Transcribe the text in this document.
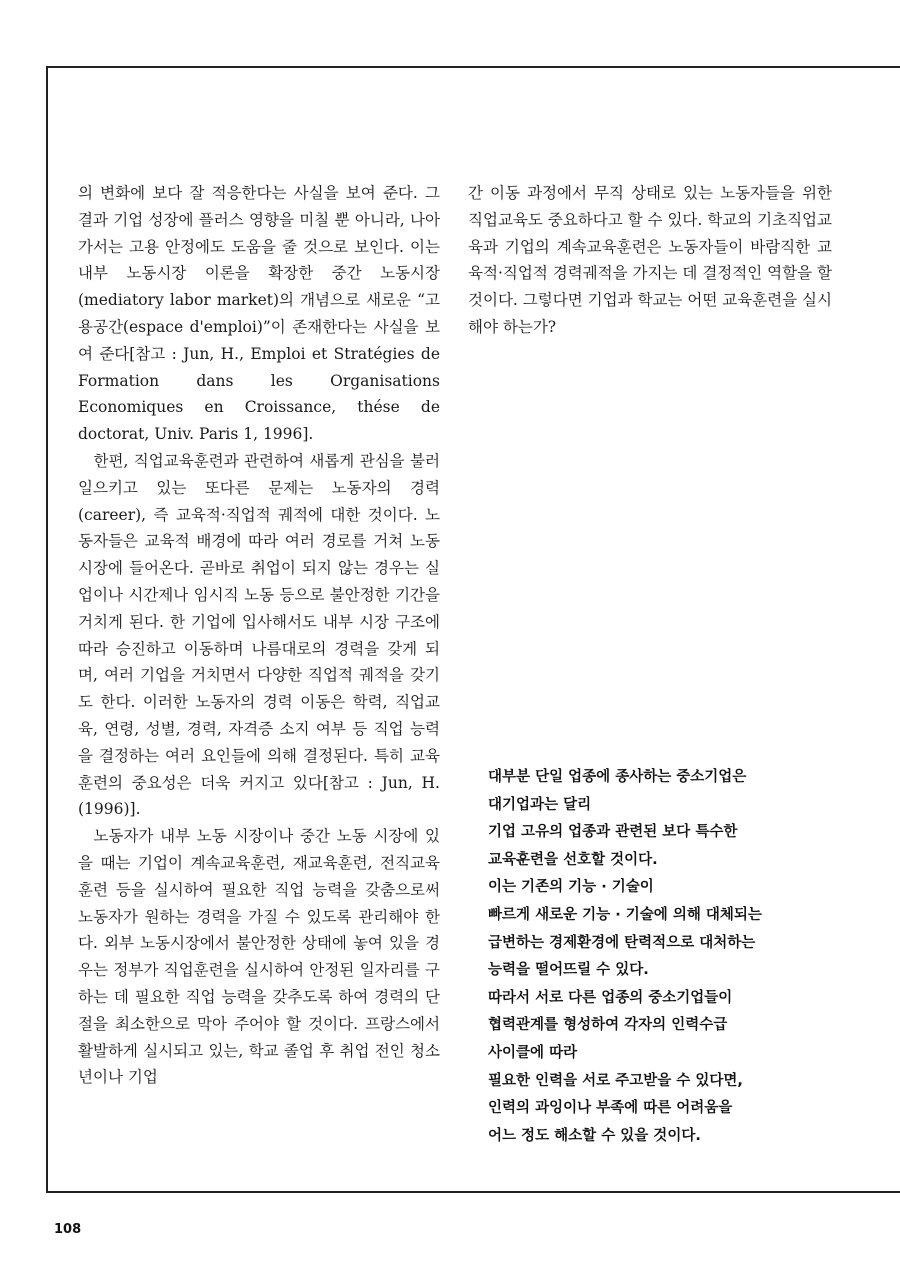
의 변화에 보다 잘 적응한다는 사실을 보여 준다. 그 결과 기업 성장에 플러스 영향을 미칠 뿐 아니라, 나아가서는 고용 안정에도 도움을 줄 것으로 보인다. 이는 내부 노동시장 이론을 확장한 중간 노동시장(mediatory labor market)의 개념으로 새로운 “고용공간(espace d'emploi)”이 존재한다는 사실을 보여 준다[참고 : Jun, H., Emploi et Stratégies de Formation dans les Organisations Economiques en Croissance, thése de doctorat, Univ. Paris 1, 1996].

한편, 직업교육훈련과 관련하여 새롭게 관심을 불러일으키고 있는 또다른 문제는 노동자의 경력(career), 즉 교육적·직업적 궤적에 대한 것이다. 노동자들은 교육적 배경에 따라 여러 경로를 거쳐 노동시장에 들어온다. 곧바로 취업이 되지 않는 경우는 실업이나 시간제나 임시직 노동 등으로 불안정한 기간을 거치게 된다. 한 기업에 입사해서도 내부 시장 구조에 따라 승진하고 이동하며 나름대로의 경력을 갖게 되며, 여러 기업을 거치면서 다양한 직업적 궤적을 갖기도 한다. 이러한 노동자의 경력 이동은 학력, 직업교육, 연령, 성별, 경력, 자격증 소지 여부 등 직업 능력을 결정하는 여러 요인들에 의해 결정된다. 특히 교육 훈련의 중요성은 더욱 커지고 있다[참고 : Jun, H. (1996)].

노동자가 내부 노동 시장이나 중간 노동 시장에 있을 때는 기업이 계속교육훈련, 재교육훈련, 전직교육훈련 등을 실시하여 필요한 직업 능력을 갖춤으로써 노동자가 원하는 경력을 가질 수 있도록 관리해야 한다. 외부 노동시장에서 불안정한 상태에 놓여 있을 경우는 정부가 직업훈련을 실시하여 안정된 일자리를 구하는 데 필요한 직업 능력을 갖추도록 하여 경력의 단절을 최소한으로 막아 주어야 할 것이다. 프랑스에서 활발하게 실시되고 있는, 학교 졸업 후 취업 전인 청소년이나 기업

간 이동 과정에서 무직 상태로 있는 노동자들을 위한 직업교육도 중요하다고 할 수 있다. 학교의 기초직업교육과 기업의 계속교육훈련은 노동자들이 바람직한 교육적·직업적 경력궤적을 가지는 데 결정적인 역할을 할 것이다. 그렇다면 기업과 학교는 어떤 교육훈련을 실시해야 하는가?

대부분 단일 업종에 종사하는 중소기업은
대기업과는 달리
기업 고유의 업종과 관련된 보다 특수한
교육훈련을 선호할 것이다.
이는 기존의 기능 · 기술이
빠르게 새로운 기능 · 기술에 의해 대체되는
급변하는 경제환경에 탄력적으로 대처하는
능력을 떨어뜨릴 수 있다.
따라서 서로 다른 업종의 중소기업들이
협력관계를 형성하여 각자의 인력수급
사이클에 따라
필요한 인력을 서로 주고받을 수 있다면,
인력의 과잉이나 부족에 따른 어려움을
어느 정도 해소할 수 있을 것이다.
108
